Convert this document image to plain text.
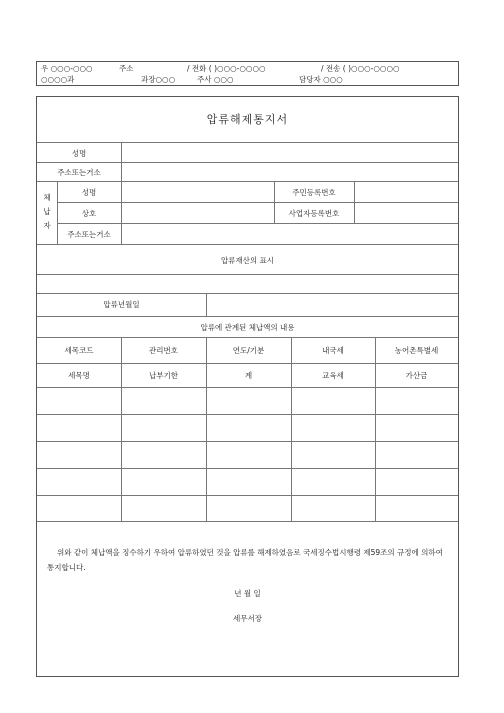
우 ○○○-○○○	주소	/ 전화 ( )○○○-○○○○	/ 전송 ( )○○○-○○○○
○○○○과	과장○○○	주사 ○○○	담당자 ○○○
압류해제통지서
성명
주소또는거소
체
납
자
성명	주민등록번호
상호	사업자등록번호
주소또는거소
압류재산의 표시
압류년월일
압류에 관계된 체납액의 내용
세목코드	관리번호	연도/기분	내국세	농어촌특별세
세목명	납부기한	계	교육세	가산금
위와 같이 체납액을 징수하기 우하여 압류하였던 것을 압류를 해제하였음로 국세징수법시행령 제59조의 규정에 의하여 통지합니다.
년 월 일
세무서장
